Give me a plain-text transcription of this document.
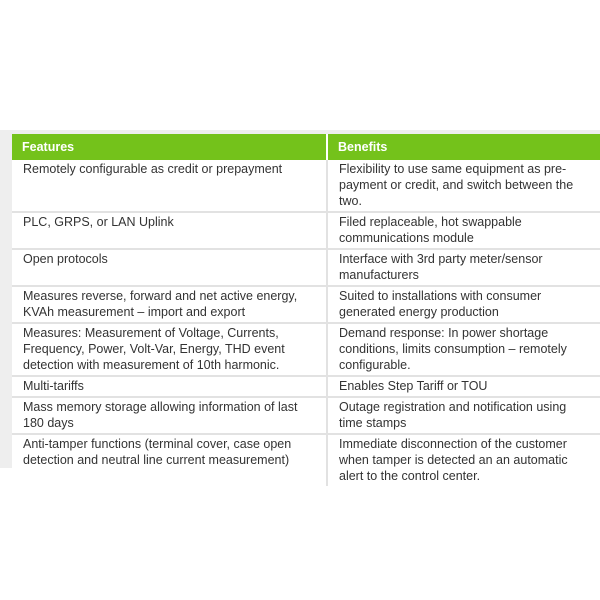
Features	Benefits
Remotely configurable as credit or prepayment	Flexibility to use same equipment as pre-payment or credit, and switch between the two.
PLC, GRPS, or LAN Uplink	Filed replaceable, hot swappable communications module
Open protocols	Interface with 3rd party meter/sensor manufacturers
Measures reverse, forward and net active energy, KVAh measurement – import and export	Suited to installations with consumer generated energy production
Measures: Measurement of Voltage, Currents, Frequency, Power, Volt-Var, Energy, THD event detection with measurement of 10th harmonic.	Demand response: In power shortage conditions, limits consumption – remotely configurable.
Multi-tariffs	Enables Step Tariff or TOU
Mass memory storage allowing information of last 180 days	Outage registration and notification using time stamps
Anti-tamper functions (terminal cover, case open detection and neutral line current measurement)	Immediate disconnection of the customer when tamper is detected an an automatic alert to the control center.
